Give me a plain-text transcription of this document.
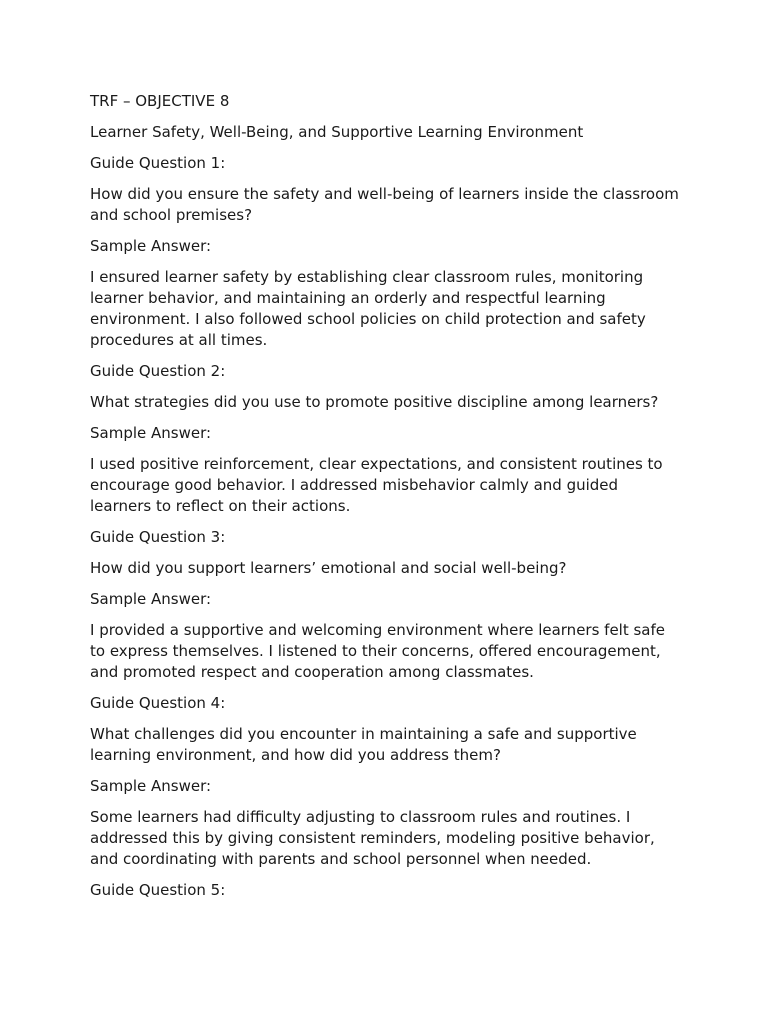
TRF – OBJECTIVE 8

Learner Safety, Well-Being, and Supportive Learning Environment

Guide Question 1:

How did you ensure the safety and well-being of learners inside the classroom and school premises?

Sample Answer:

I ensured learner safety by establishing clear classroom rules, monitoring learner behavior, and maintaining an orderly and respectful learning environment. I also followed school policies on child protection and safety procedures at all times.

Guide Question 2:

What strategies did you use to promote positive discipline among learners?

Sample Answer:

I used positive reinforcement, clear expectations, and consistent routines to encourage good behavior. I addressed misbehavior calmly and guided learners to reflect on their actions.

Guide Question 3:

How did you support learners’ emotional and social well-being?

Sample Answer:

I provided a supportive and welcoming environment where learners felt safe to express themselves. I listened to their concerns, offered encouragement, and promoted respect and cooperation among classmates.

Guide Question 4:

What challenges did you encounter in maintaining a safe and supportive learning environment, and how did you address them?

Sample Answer:

Some learners had difficulty adjusting to classroom rules and routines. I addressed this by giving consistent reminders, modeling positive behavior, and coordinating with parents and school personnel when needed.

Guide Question 5:
